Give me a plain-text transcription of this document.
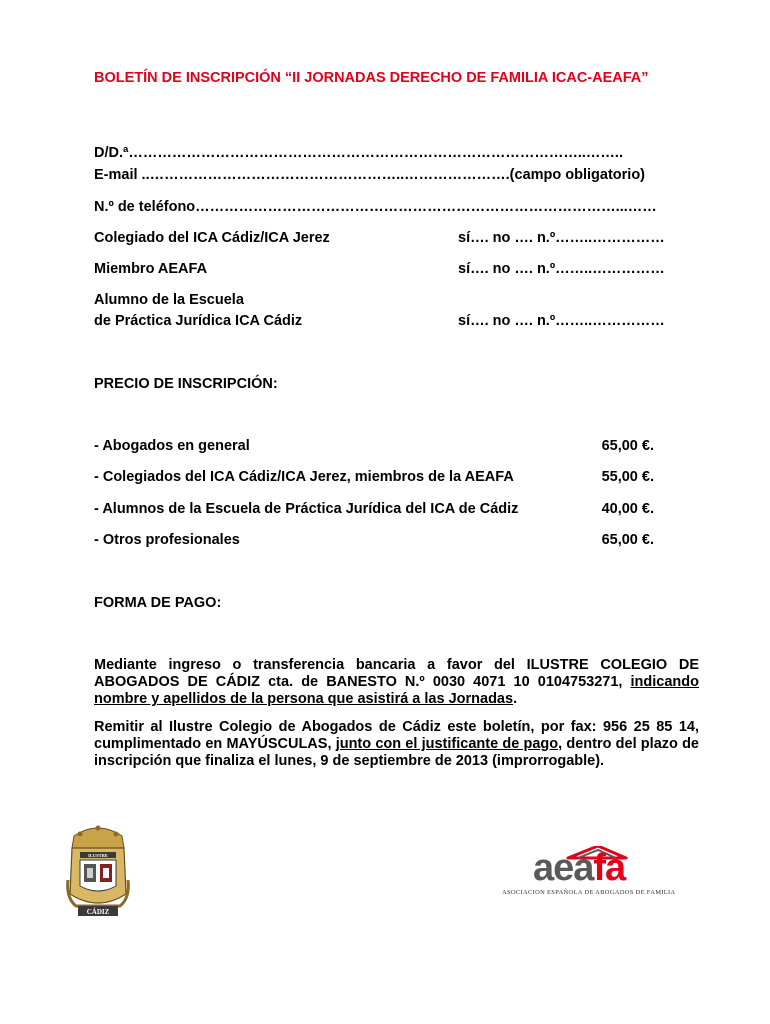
BOLETÍN DE INSCRIPCIÓN “II JORNADAS DERECHO DE FAMILIA ICAC-AEAFA”
D/D.ª…………………………………………………………………………………..……..
E-mail ..……………………………………………..………………….(campo obligatorio)
N.º de teléfono……………………………………………………………………………...……
Colegiado del ICA Cádiz/ICA Jerez	sí…. no …. n.º……..……………
Miembro AEAFA	sí…. no …. n.º……..……………
Alumno de la Escuela
de Práctica Jurídica ICA Cádiz	sí…. no …. n.º……..……………
PRECIO DE INSCRIPCIÓN:
- Abogados en general	65,00 €.
- Colegiados del ICA Cádiz/ICA Jerez, miembros de la AEAFA	55,00 €.
- Alumnos de la Escuela de Práctica Jurídica del ICA de Cádiz	40,00 €.
- Otros profesionales	65,00 €.
FORMA DE PAGO:
Mediante ingreso o transferencia bancaria a favor del ILUSTRE COLEGIO DE ABOGADOS DE CÁDIZ cta. de BANESTO N.º 0030 4071 10 0104753271, indicando nombre y apellidos de la persona que asistirá a las Jornadas.
Remitir al Ilustre Colegio de Abogados de Cádiz este boletín, por fax: 956 25 85 14, cumplimentado en MAYÚSCULAS, junto con el justificante de pago, dentro del plazo de inscripción que finaliza el lunes, 9 de septiembre de 2013 (improrrogable).
ILUSTRE
CÁDIZ
aeafa
ASOCIACION ESPAÑOLA DE ABOGADOS DE FAMILIA
